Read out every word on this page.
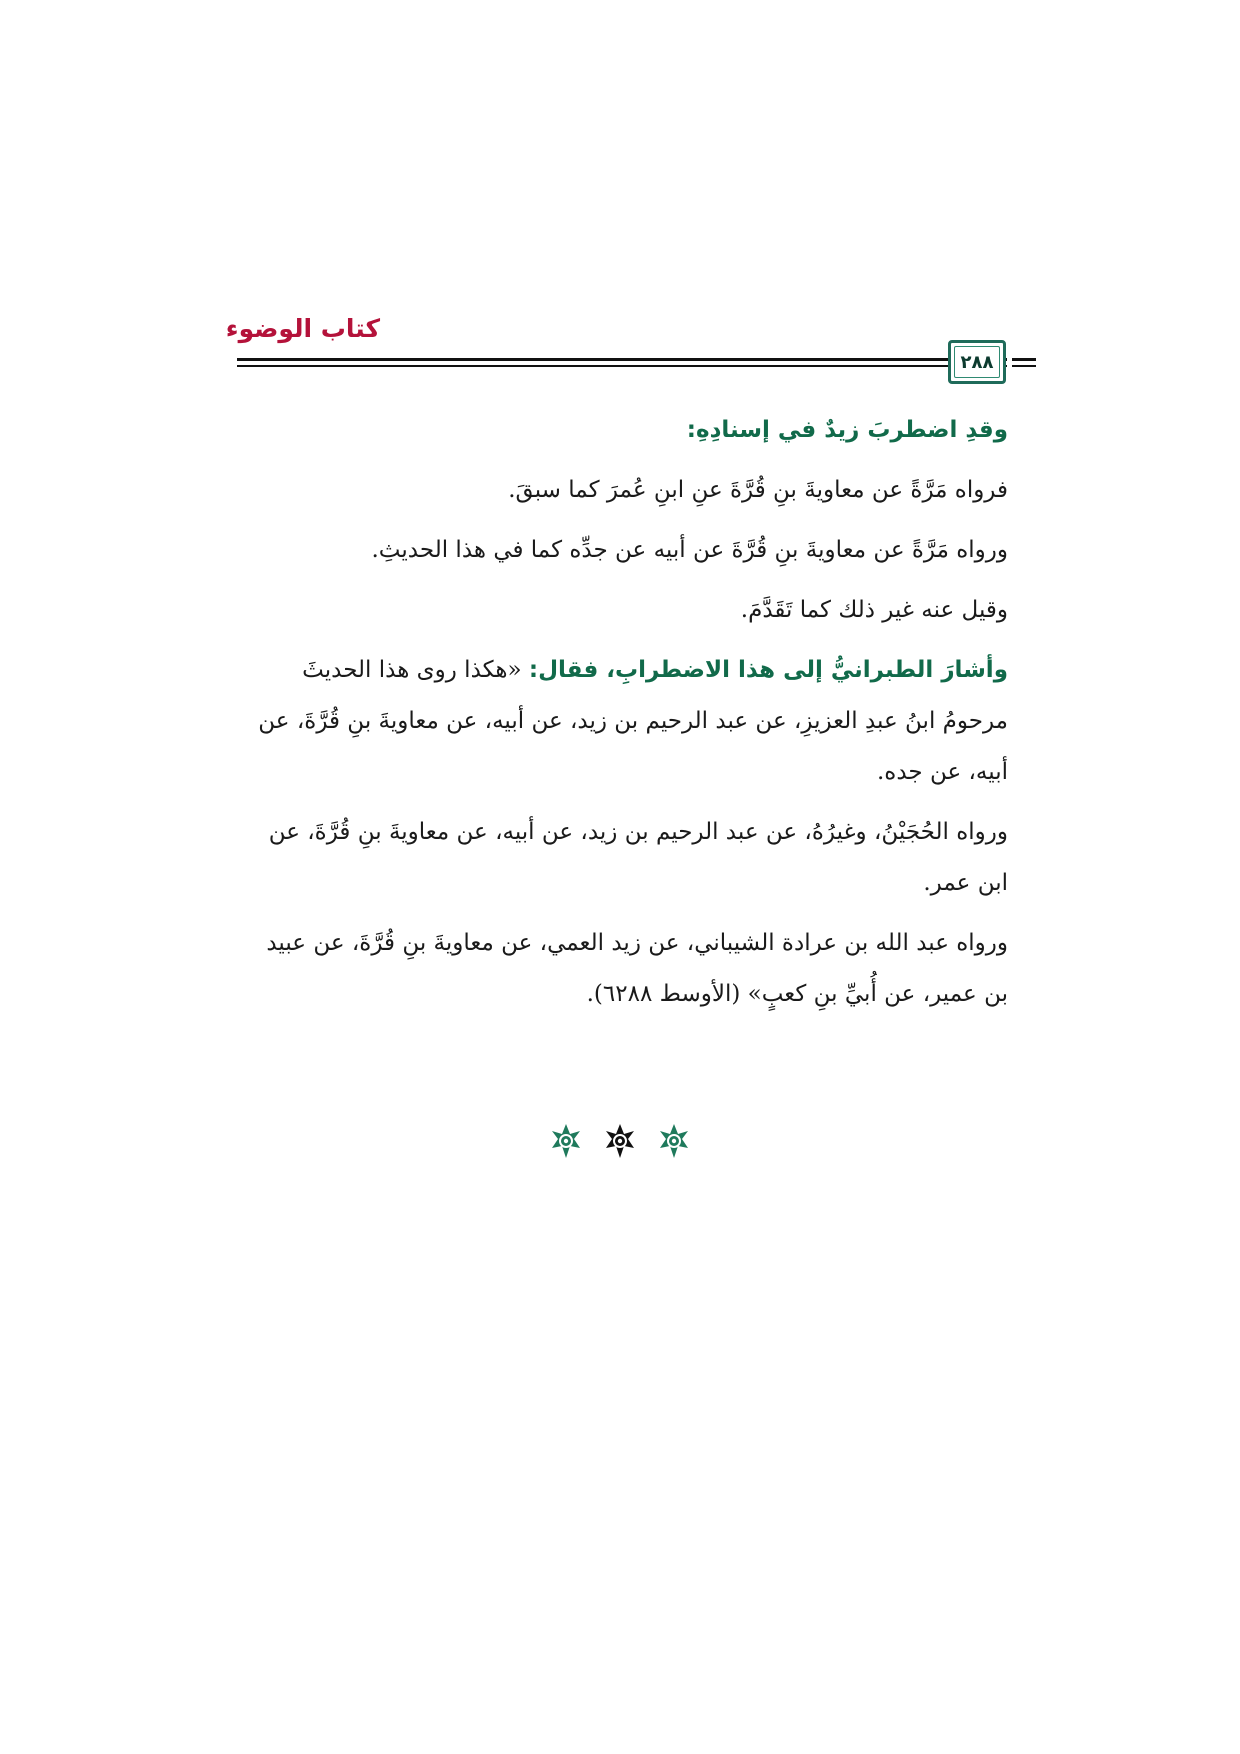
كتاب الوضوء
٢٨٨

وقدِ اضطربَ زيدٌ في إسنادِهِ:

فرواه مَرَّةً عن معاويةَ بنِ قُرَّةَ عنِ ابنِ عُمرَ كما سبقَ.

ورواه مَرَّةً عن معاويةَ بنِ قُرَّةَ عن أبيه عن جدِّه كما في هذا الحديثِ.

وقيل عنه غير ذلك كما تَقَدَّمَ.

وأشارَ الطبرانيُّ إلى هذا الاضطرابِ، فقال: «هكذا روى هذا الحديثَ مرحومُ ابنُ عبدِ العزيزِ، عن عبد الرحيم بن زيد، عن أبيه، عن معاويةَ بنِ قُرَّةَ، عن أبيه، عن جده.

ورواه الحُجَيْنُ، وغيرُهُ، عن عبد الرحيم بن زيد، عن أبيه، عن معاويةَ بنِ قُرَّةَ، عن ابن عمر.

ورواه عبد الله بن عرادة الشيباني، عن زيد العمي، عن معاويةَ بنِ قُرَّةَ، عن عبيد بن عمير، عن أُبيِّ بنِ كعبٍ» (الأوسط ٦٢٨٨).
